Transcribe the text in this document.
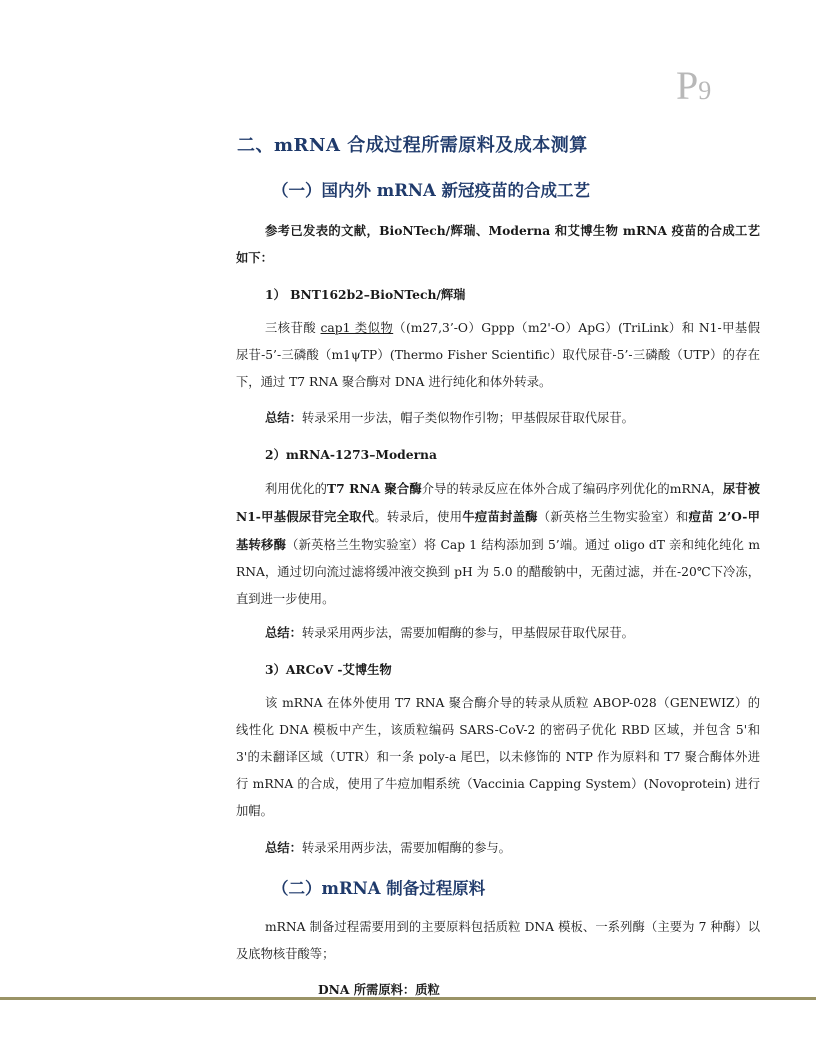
P9
二、mRNA 合成过程所需原料及成本测算
（一）国内外 mRNA 新冠疫苗的合成工艺
参考已发表的文献，BioNTech/辉瑞、Moderna 和艾博生物 mRNA 疫苗的合成工艺如下：
1） BNT162b2–BioNTech/辉瑞
三核苷酸 cap1 类似物（(m27,3’-O）Gppp（m2'-O）ApG）(TriLink）和 N1-甲基假尿苷-5’-三磷酸（m1ψTP）(Thermo Fisher Scientific）取代尿苷-5’-三磷酸（UTP）的存在下，通过 T7 RNA 聚合酶对 DNA 进行纯化和体外转录。
总结：转录采用一步法，帽子类似物作引物；甲基假尿苷取代尿苷。
2）mRNA-1273–Moderna
利用优化的T7 RNA 聚合酶介导的转录反应在体外合成了编码序列优化的mRNA，尿苷被 N1-甲基假尿苷完全取代。转录后，使用牛痘苗封盖酶（新英格兰生物实验室）和痘苗 2’O-甲基转移酶（新英格兰生物实验室）将 Cap 1 结构添加到 5’端。通过 oligo dT 亲和纯化纯化 mRNA，通过切向流过滤将缓冲液交换到 pH 为 5.0 的醋酸钠中，无菌过滤，并在-20℃下冷冻，直到进一步使用。
总结：转录采用两步法，需要加帽酶的参与，甲基假尿苷取代尿苷。
3）ARCoV -艾博生物
该 mRNA 在体外使用 T7 RNA 聚合酶介导的转录从质粒 ABOP-028（GENEWIZ）的线性化 DNA 模板中产生，该质粒编码 SARS-CoV-2 的密码子优化 RBD 区域，并包含 5'和 3'的未翻译区域（UTR）和一条 poly-a 尾巴，以未修饰的 NTP 作为原料和 T7 聚合酶体外进行 mRNA 的合成，使用了牛痘加帽系统（Vaccinia Capping System）(Novoprotein) 进行加帽。
总结：转录采用两步法，需要加帽酶的参与。
（二）mRNA 制备过程原料
mRNA 制备过程需要用到的主要原料包括质粒 DNA 模板、一系列酶（主要为 7 种酶）以及底物核苷酸等；
DNA 所需原料：质粒
